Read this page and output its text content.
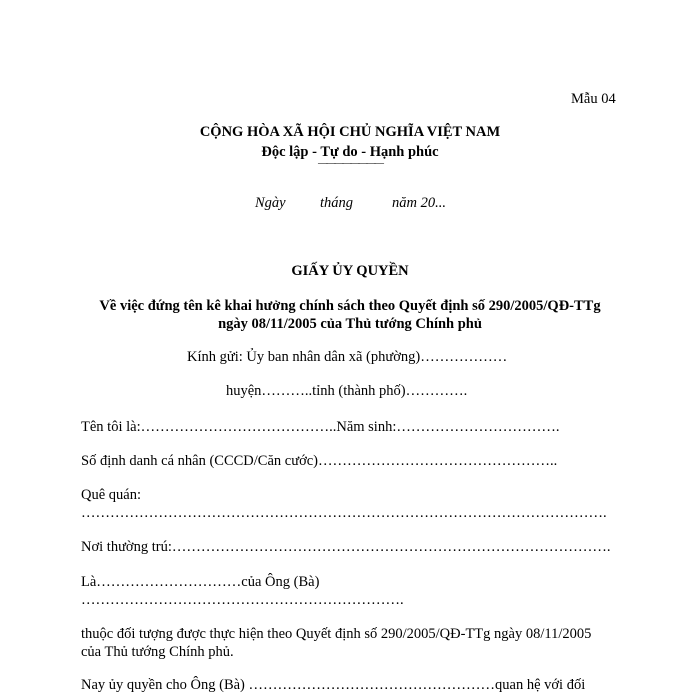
Mẫu 04
CỘNG HÒA XÃ HỘI CHỦ NGHĨA VIỆT NAM
Độc lập - Tự do - Hạnh phúc
————————
Ngày tháng	năm 20...
GIẤY ỦY QUYỀN
Về việc đứng tên kê khai hưởng chính sách theo Quyết định số 290/2005/QĐ-TTg
ngày 08/11/2005 của Thủ tướng Chính phủ
Kính gửi: Ủy ban nhân dân xã (phường)………………
huyện………..tỉnh (thành phố)………….
Tên tôi là:…………………………………..Năm sinh:…………………………….
Số định danh cá nhân (CCCD/Căn cước)…………………………………………..
Quê quán:
……………………………………………………………………………………………….
Nơi thường trú:……………………………………………………………………………….
Là…………………………của Ông (Bà)
………………………………………………………….
thuộc đối tượng được thực hiện theo Quyết định số 290/2005/QĐ-TTg ngày 08/11/2005
của Thủ tướng Chính phủ.
Nay ủy quyền cho Ông (Bà) ……………………………………………quan hệ với đối
